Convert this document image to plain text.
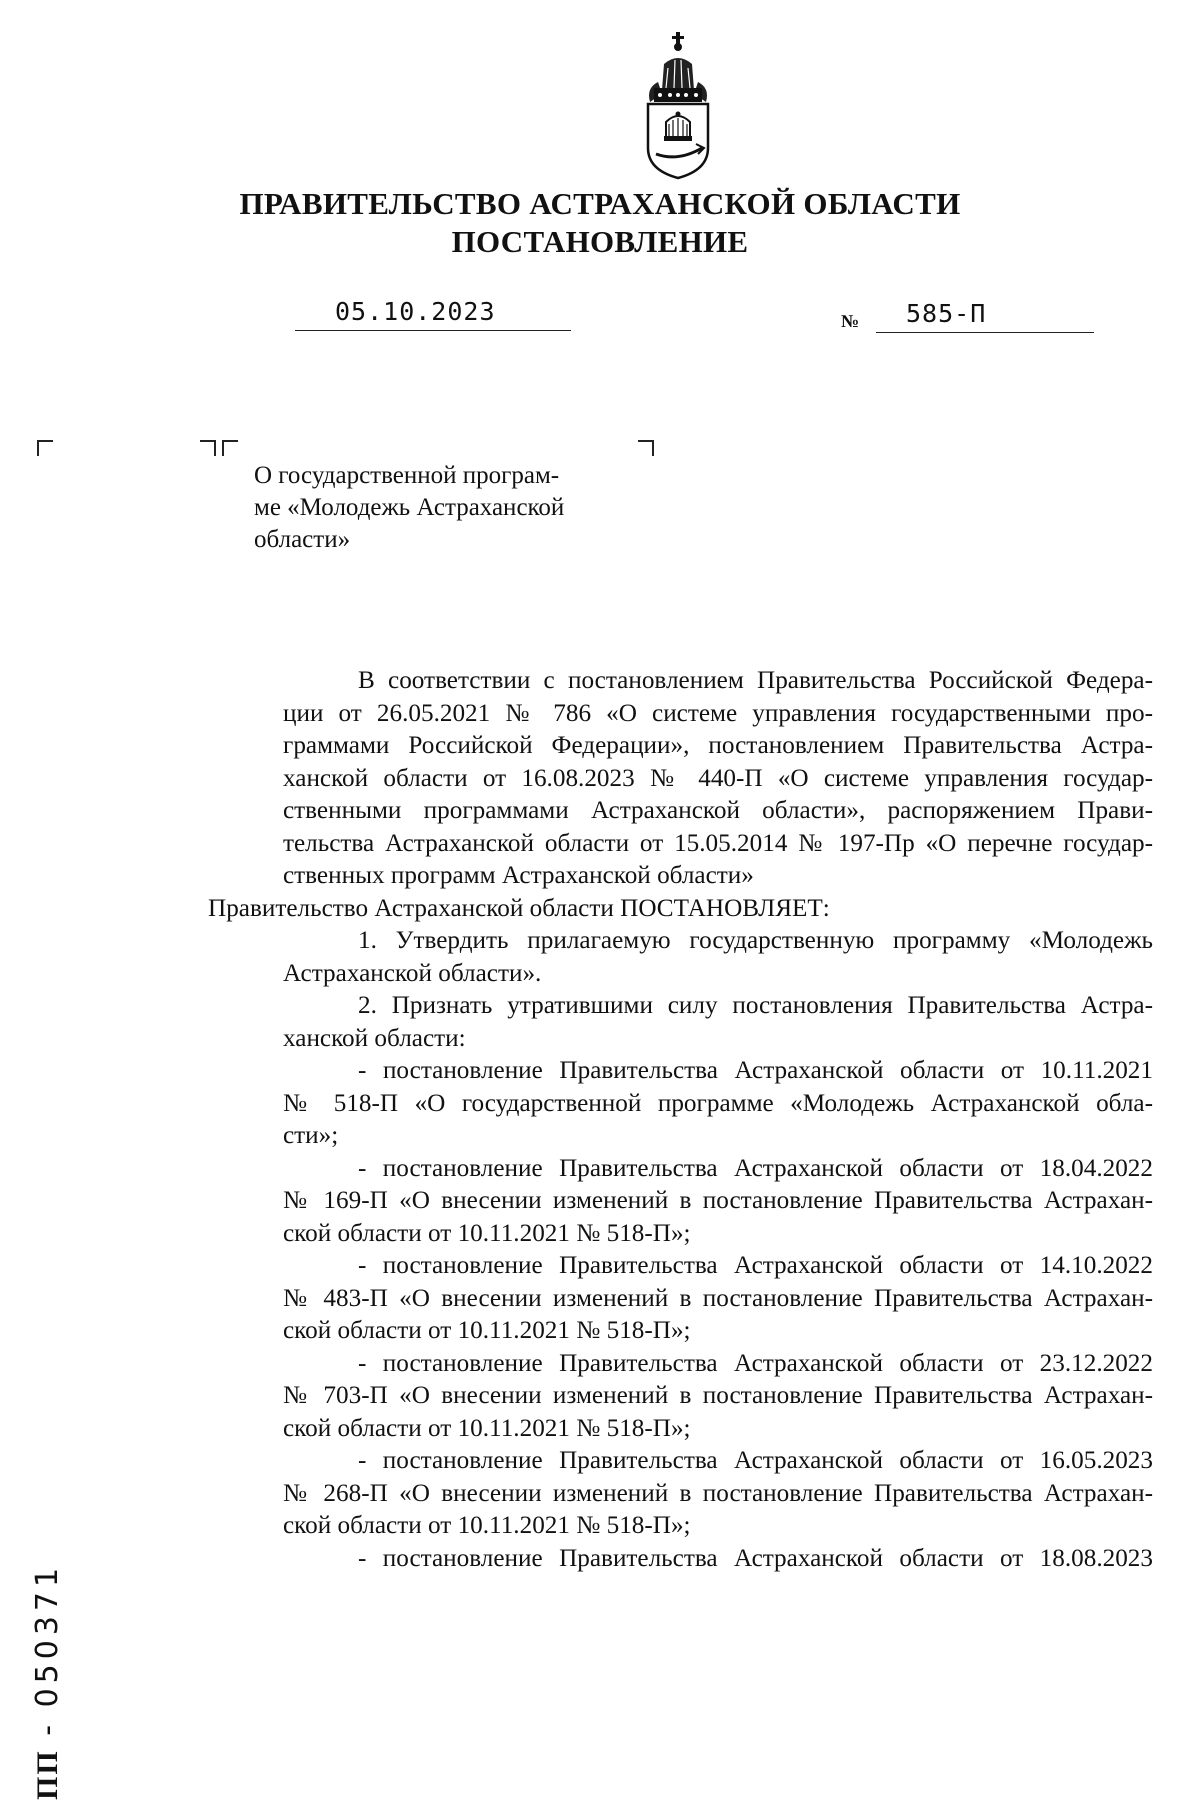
ПРАВИТЕЛЬСТВО АСТРАХАНСКОЙ ОБЛАСТИ
ПОСТАНОВЛЕНИЕ
05.10.2023	№ 585-П
О государственной програм-
ме «Молодежь Астраханской
области»
В соответствии с постановлением Правительства Российской Федера-
ции от 26.05.2021 № 786 «О системе управления государственными про-
граммами Российской Федерации», постановлением Правительства Астра-
ханской области от 16.08.2023 № 440-П «О системе управления государ-
ственными программами Астраханской области», распоряжением Прави-
тельства Астраханской области от 15.05.2014 № 197-Пр «О перечне государ-
ственных программ Астраханской области»
Правительство Астраханской области ПОСТАНОВЛЯЕТ:
1. Утвердить прилагаемую государственную программу «Молодежь
Астраханской области».
2. Признать утратившими силу постановления Правительства Астра-
ханской области:
- постановление Правительства Астраханской области от 10.11.2021
№ 518-П «О государственной программе «Молодежь Астраханской обла-
сти»;
- постановление Правительства Астраханской области от 18.04.2022
№ 169-П «О внесении изменений в постановление Правительства Астрахан-
ской области от 10.11.2021 № 518-П»;
- постановление Правительства Астраханской области от 14.10.2022
№ 483-П «О внесении изменений в постановление Правительства Астрахан-
ской области от 10.11.2021 № 518-П»;
- постановление Правительства Астраханской области от 23.12.2022
№ 703-П «О внесении изменений в постановление Правительства Астрахан-
ской области от 10.11.2021 № 518-П»;
- постановление Правительства Астраханской области от 16.05.2023
№ 268-П «О внесении изменений в постановление Правительства Астрахан-
ской области от 10.11.2021 № 518-П»;
- постановление Правительства Астраханской области от 18.08.2023
ПП - 050371
